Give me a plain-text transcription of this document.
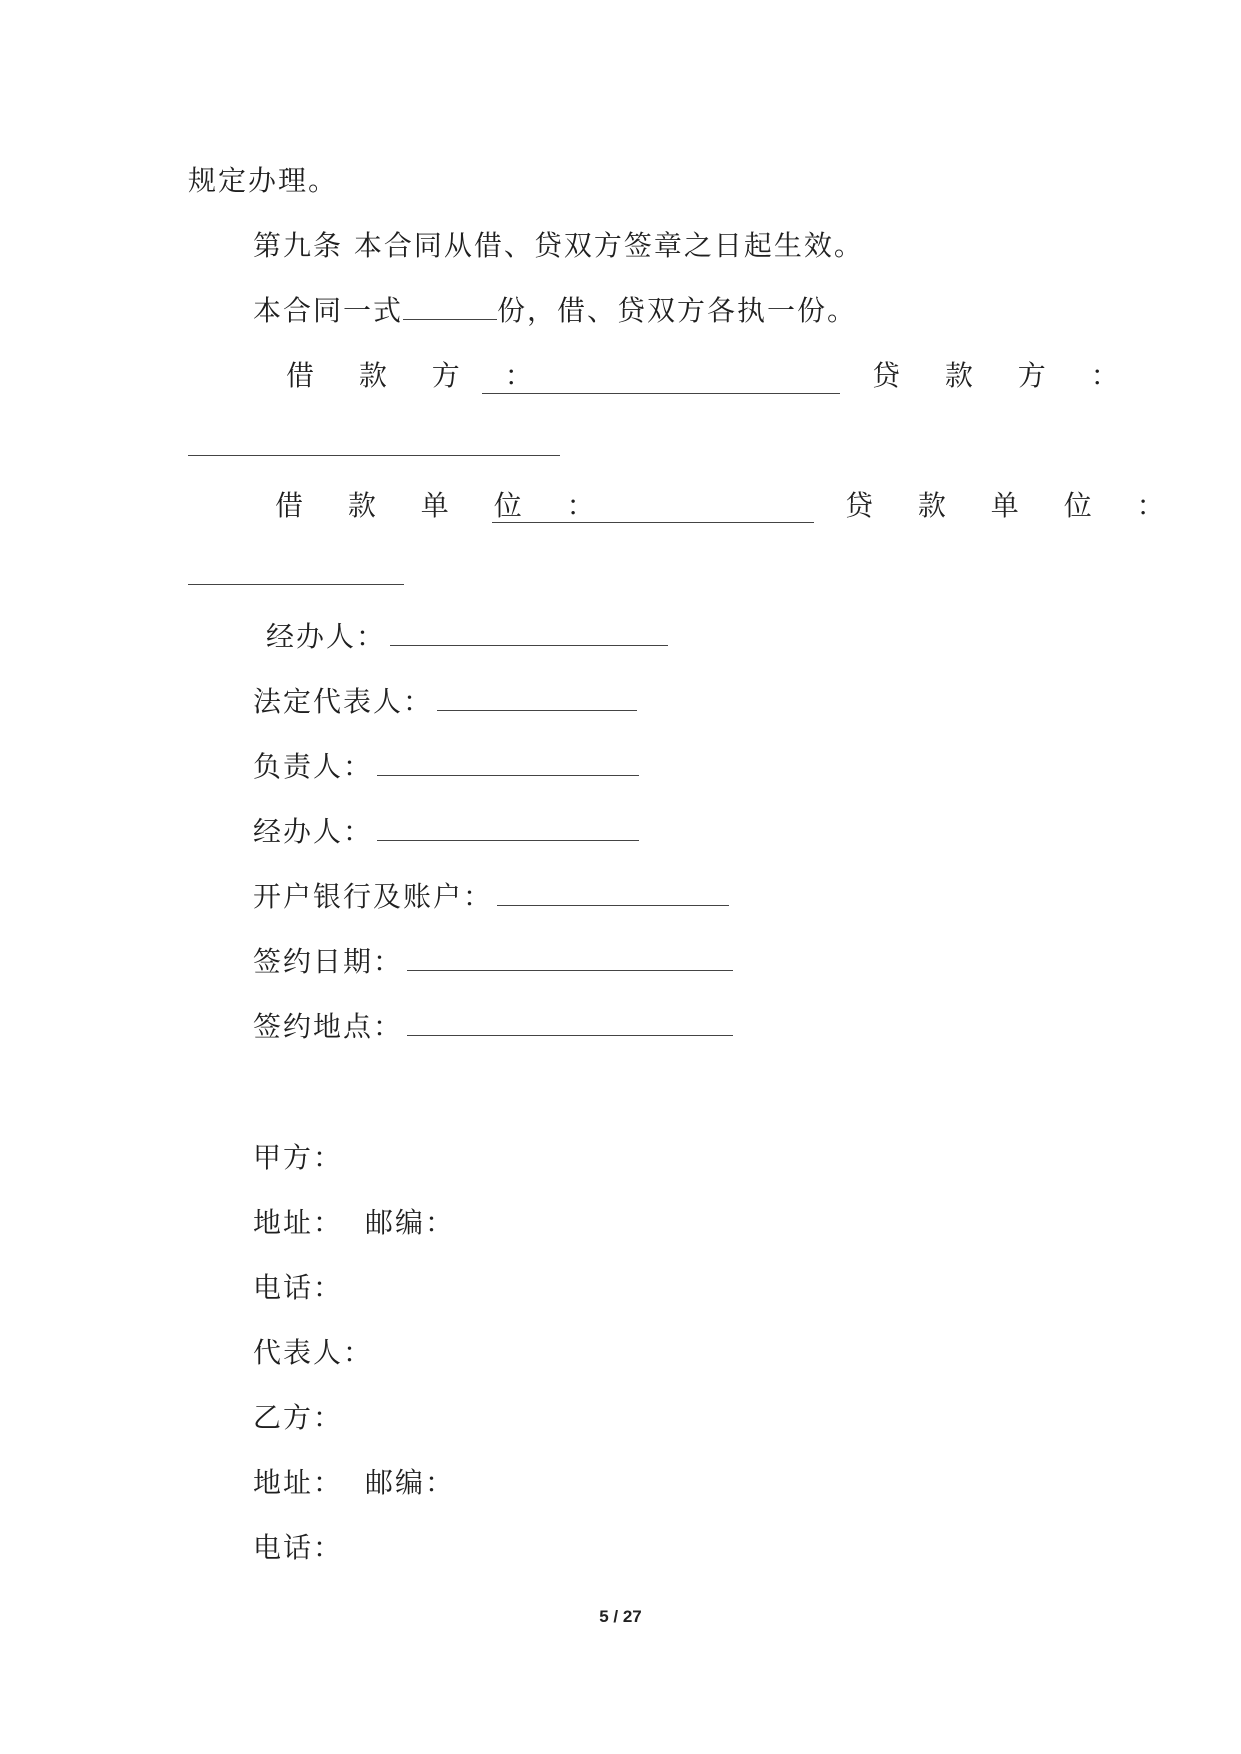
规定办理。
第九条 本合同从借、贷双方签章之日起生效。
本合同一式	份，借、贷双方各执一份。
借 款 方 ：	贷 款 方 ：
借 款 单 位 ：	贷 款 单 位 ：
经办人：
法定代表人：
负责人：
经办人：
开户银行及账户：
签约日期：
签约地点：
甲方：
地址： 邮编：
电话：
代表人：
乙方：
地址： 邮编：
电话：
5 / 27
